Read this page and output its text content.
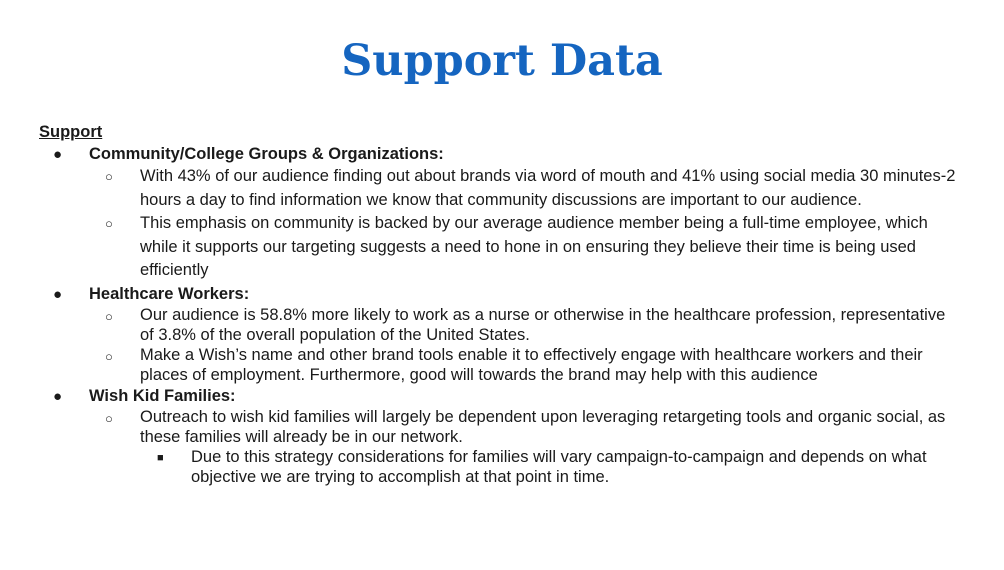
Support Data

Support

● Community/College Groups & Organizations:
○ With 43% of our audience finding out about brands via word of mouth and 41% using social media 30 minutes-2 hours a day to find information we know that community discussions are important to our audience.
○ This emphasis on community is backed by our average audience member being a full-time employee, which while it supports our targeting suggests a need to hone in on ensuring they believe their time is being used efficiently
● Healthcare Workers:
○ Our audience is 58.8% more likely to work as a nurse or otherwise in the healthcare profession, representative of 3.8% of the overall population of the United States.
○ Make a Wish’s name and other brand tools enable it to effectively engage with healthcare workers and their places of employment. Furthermore, good will towards the brand may help with this audience
● Wish Kid Families:
○ Outreach to wish kid families will largely be dependent upon leveraging retargeting tools and organic social, as these families will already be in our network.
■ Due to this strategy considerations for families will vary campaign-to-campaign and depends on what objective we are trying to accomplish at that point in time.
